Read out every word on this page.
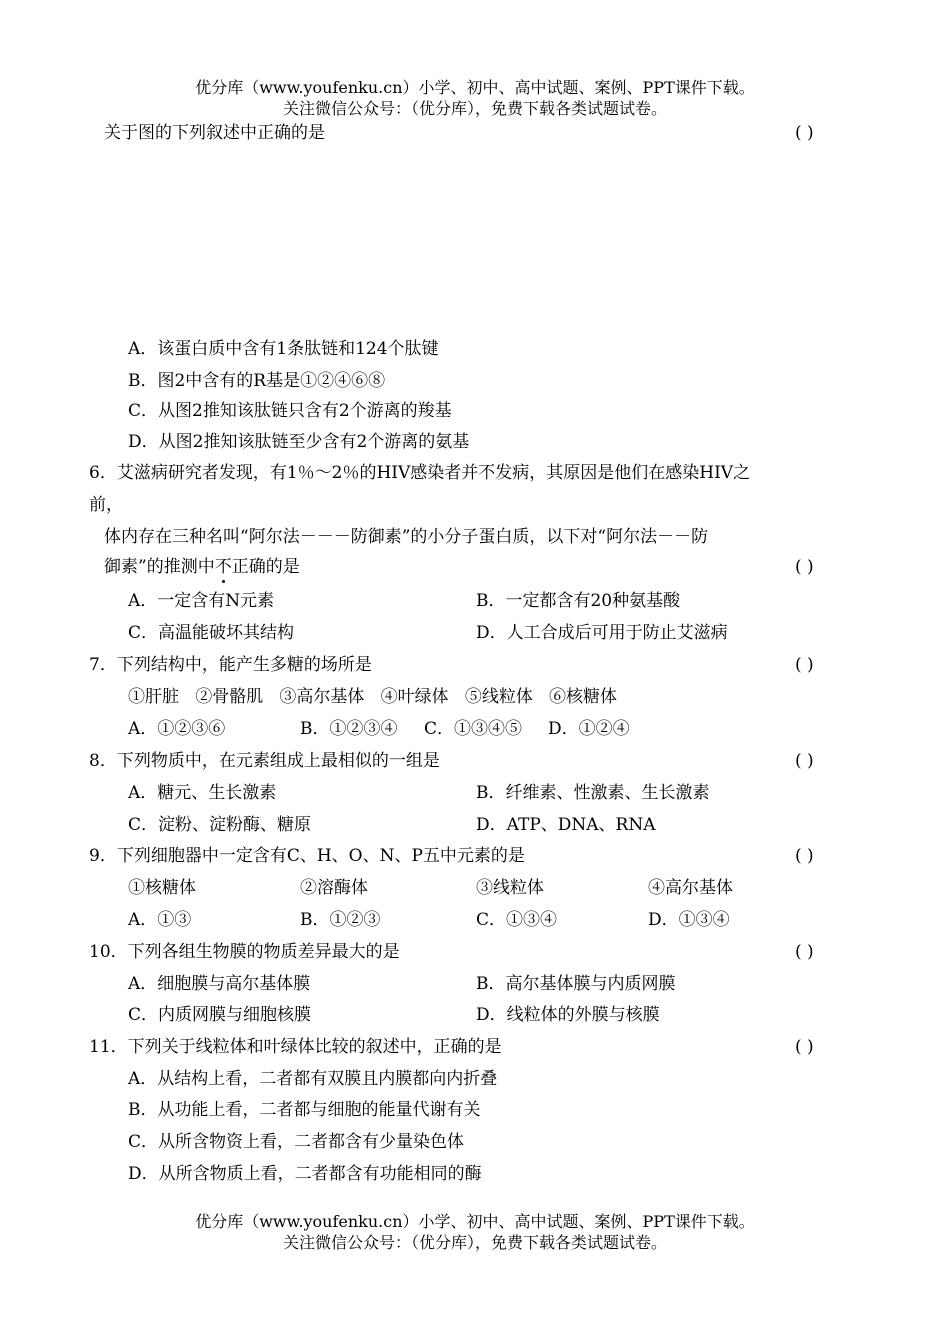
优分库（www.youfenku.cn）小学、初中、高中试题、案例、PPT课件下载。
关注微信公众号：（优分库），免费下载各类试题试卷。
关于图的下列叙述中正确的是	( )
A．该蛋白质中含有1条肽链和124个肽键
B．图2中含有的R基是①②④⑥⑧
C．从图2推知该肽链只含有2个游离的羧基
D．从图2推知该肽链至少含有2个游离的氨基
6．艾滋病研究者发现，有1％～2％的HIV感染者并不发病，其原因是他们在感染HIV之
前，
体内存在三种名叫“阿尔法－－－防御素”的小分子蛋白质，以下对“阿尔法－－防
御素”的推测中不正确的是	( )
A．一定含有N元素	B．一定都含有20种氨基酸
C．高温能破坏其结构	D．人工合成后可用于防止艾滋病
7．下列结构中，能产生多糖的场所是	( )
①肝脏   ②骨骼肌   ③高尔基体   ④叶绿体   ⑤线粒体   ⑥核糖体
A．①②③⑥	B．①②③④ C．①③④⑤ D．①②④
8．下列物质中，在元素组成上最相似的一组是	( )
A．糖元、生长激素	B．纤维素、性激素、生长激素
C．淀粉、淀粉酶、糖原	D．ATP、DNA、RNA
9．下列细胞器中一定含有C、H、O、N、P五中元素的是	( )
①核糖体	②溶酶体	③线粒体	④高尔基体
A．①③	B．①②③	C．①③④	D．①③④
10．下列各组生物膜的物质差异最大的是	( )
A．细胞膜与高尔基体膜	B．高尔基体膜与内质网膜
C．内质网膜与细胞核膜	D．线粒体的外膜与核膜
11．下列关于线粒体和叶绿体比较的叙述中，正确的是	( )
A．从结构上看，二者都有双膜且内膜都向内折叠
B．从功能上看，二者都与细胞的能量代谢有关
C．从所含物资上看，二者都含有少量染色体
D．从所含物质上看，二者都含有功能相同的酶
优分库（www.youfenku.cn）小学、初中、高中试题、案例、PPT课件下载。
关注微信公众号：（优分库），免费下载各类试题试卷。
